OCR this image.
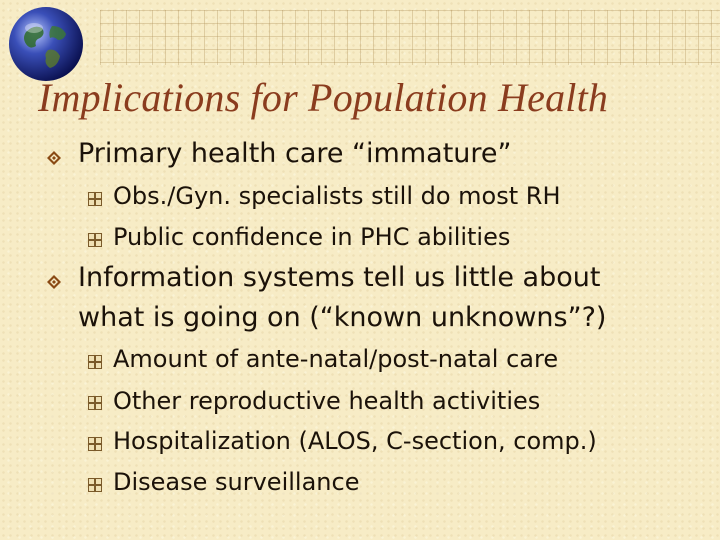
Implications for Population Health
Primary health care “immature”
Obs./Gyn. specialists still do most RH
Public confidence in PHC abilities
Information systems tell us little about
what is going on (“known unknowns”?)
Amount of ante-natal/post-natal care
Other reproductive health activities
Hospitalization (ALOS, C-section, comp.)
Disease surveillance
